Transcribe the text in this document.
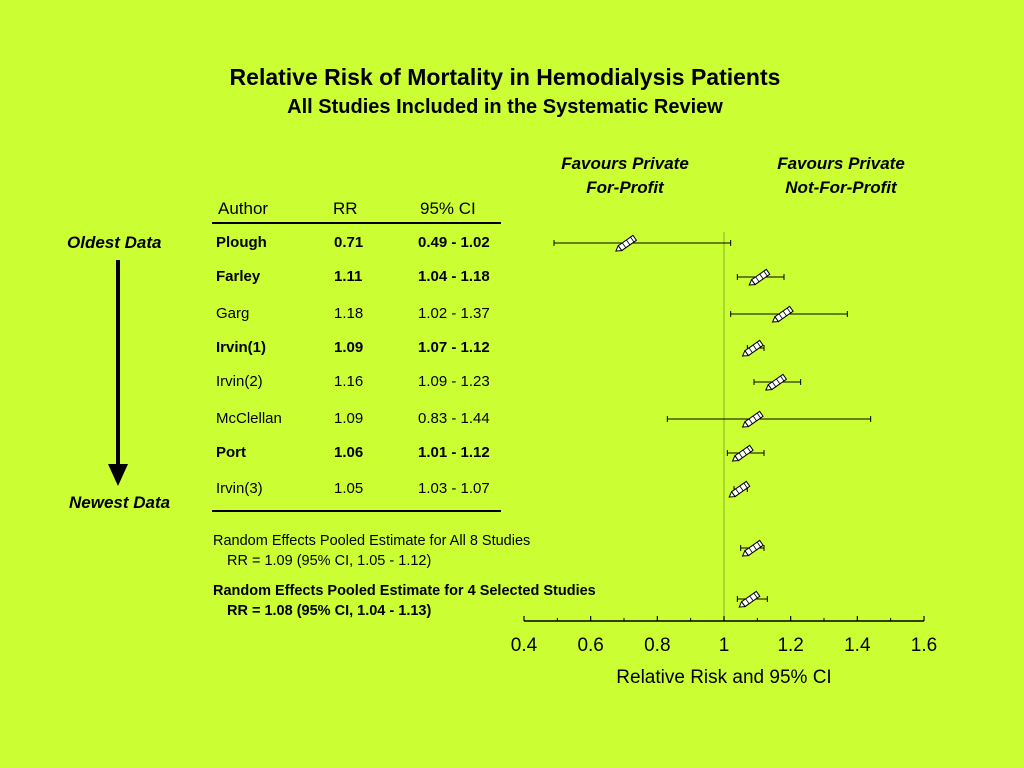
Relative Risk of Mortality in Hemodialysis Patients
All Studies Included in the Systematic Review
Favours Private
For-Profit
Favours Private
Not-For-Profit
Oldest Data
Newest Data
Author	RR	95% CI
Plough	0.71	0.49 - 1.02
Farley	1.11	1.04 - 1.18
Garg	1.18	1.02 - 1.37
Irvin(1)	1.09	1.07 - 1.12
Irvin(2)	1.16	1.09 - 1.23
McClellan	1.09	0.83 - 1.44
Port	1.06	1.01 - 1.12
Irvin(3)	1.05	1.03 - 1.07
Random Effects Pooled Estimate for All 8 Studies
RR = 1.09 (95% CI, 1.05 - 1.12)
Random Effects Pooled Estimate for 4 Selected Studies
RR = 1.08 (95% CI, 1.04 - 1.13)
0.4 0.6 0.8	1	1.2 1.4 1.6
Relative Risk and 95% CI
